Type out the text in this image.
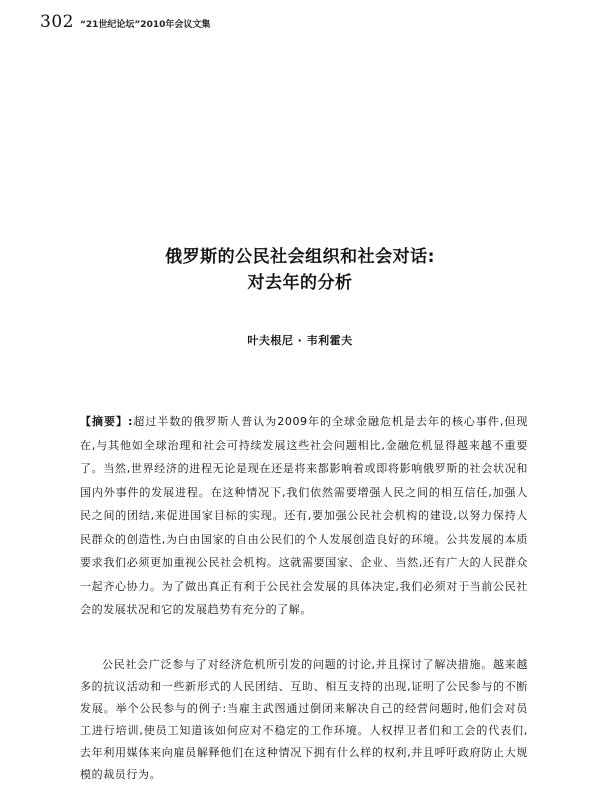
302 “21世纪论坛”2010年会议文集
俄罗斯的公民社会组织和社会对话:
对去年的分析
叶夫根尼 · 韦利霍夫
【摘要】:超过半数的俄罗斯人普认为2009年的全球金融危机是去年的核心事件,但现在,与其他如全球治理和社会可持续发展这些社会问题相比,金融危机显得越来越不重要了。当然,世界经济的进程无论是现在还是将来都影响着或即将影响俄罗斯的社会状况和国内外事件的发展进程。在这种情况下,我们依然需要增强人民之间的相互信任,加强人民之间的团结,来促进国家目标的实现。还有,要加强公民社会机构的建设,以努力保持人民群众的创造性,为白由国家的自由公民们的个人发展创造良好的环境。公共发展的本质要求我们必须更加重视公民社会机构。这就需要国家、企业、当然,还有广大的人民群众一起齐心协力。为了做出真正有利于公民社会发展的具体决定,我们必须对于当前公民社会的发展状况和它的发展趋势有充分的了解。
公民社会广泛参与了对经济危机所引发的问题的讨论,并且探讨了解决措施。越来越多的抗议活动和一些新形式的人民团结、互助、相互支持的出现,证明了公民参与的不断发展。举个公民参与的例子:当雇主武图通过倒闭来解决自己的经营问题时,他们会对员工进行培训,使员工知道该如何应对不稳定的工作环境。人权捍卫者们和工会的代表们,去年利用媒体来向雇员解释他们在这种情况下拥有什么样的权利,并且呼吁政府防止大规模的裁员行为。
